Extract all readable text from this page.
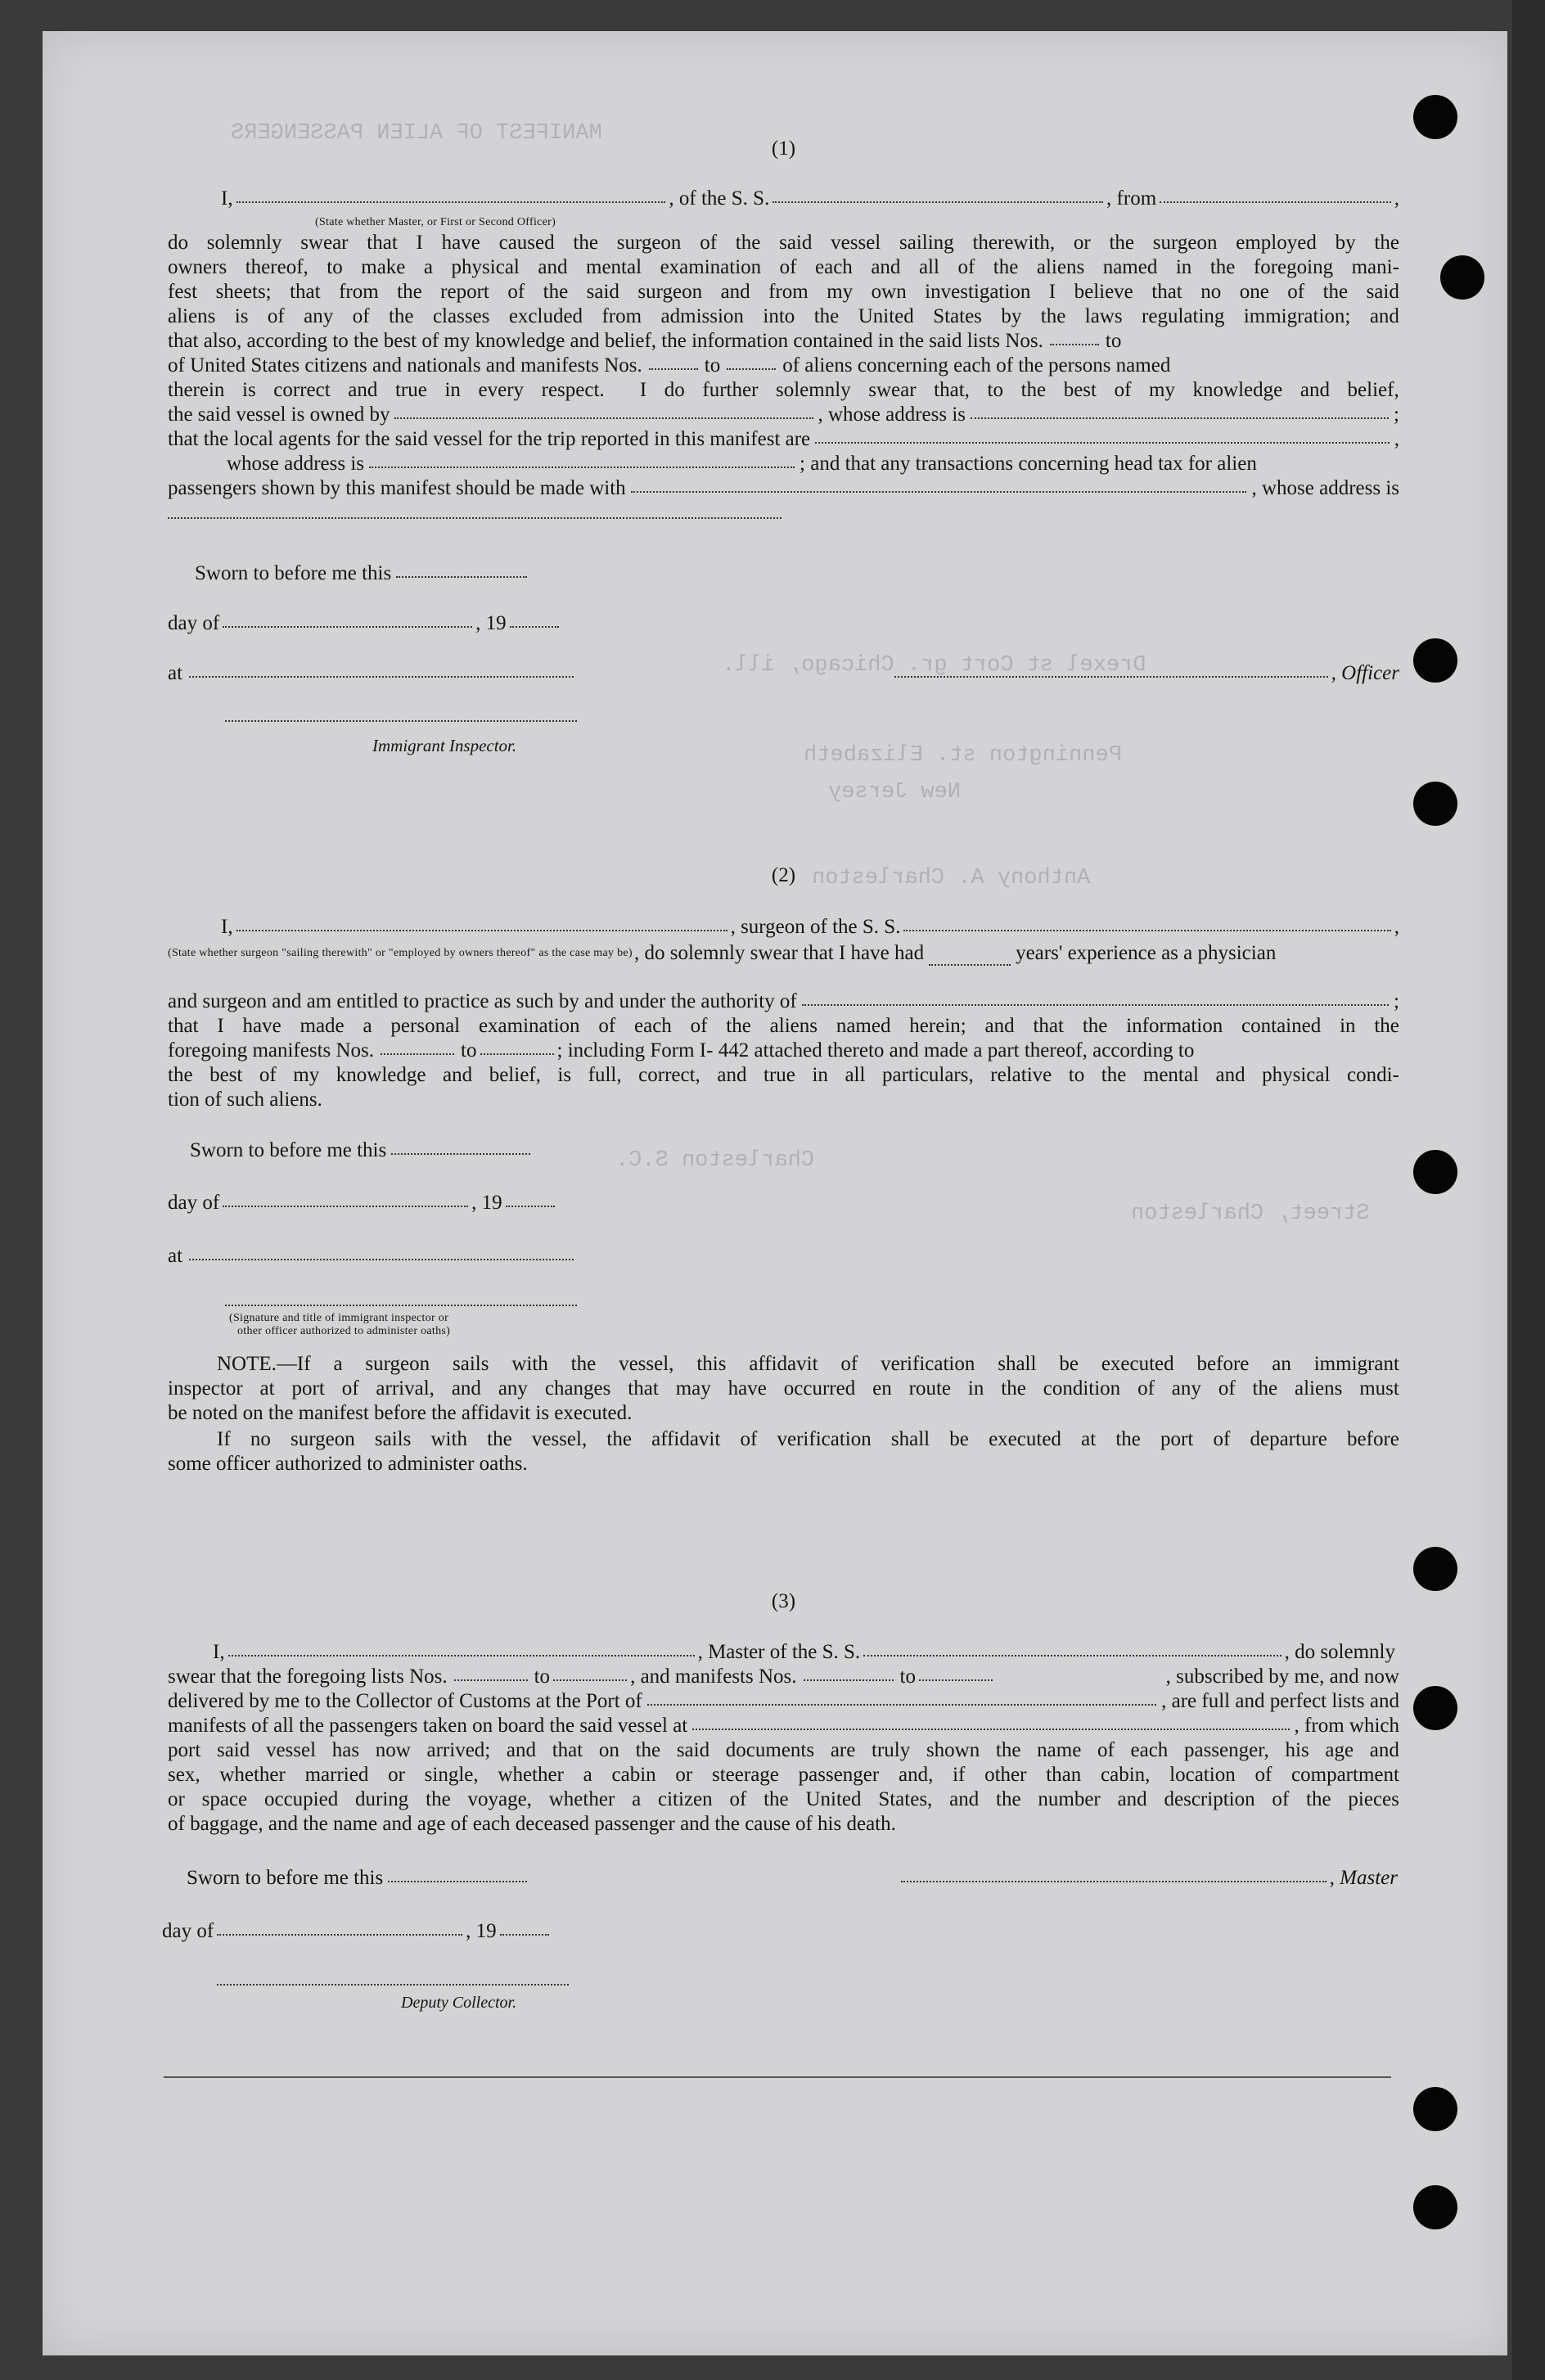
MANIFEST OF ALIEN PASSENGERS
Drexel st Cort gr. Chicago, ill.
Pennington st. Elizabeth
New Jersey
Anthony A. Charleston
Charleston S.C.
Street, Charleston
(1)
I,	, of the S. S.	, from	,
(State whether Master, or First or Second Officer)
do solemnly swear that I have caused the surgeon of the said vessel sailing therewith, or the surgeon employed by the
owners thereof, to make a physical and mental examination of each and all of the aliens named in the foregoing mani-
fest sheets; that from the report of the said surgeon and from my own investigation I believe that no one of the said
aliens is of any of the classes excluded from admission into the United States by the laws regulating immigration; and
that also, according to the best of my knowledge and belief, the information contained in the said lists Nos.	to
of United States citizens and nationals and manifests Nos.	to	of aliens concerning each of the persons named
therein is correct and true in every respect. I do further solemnly swear that, to the best of my knowledge and belief,
the said vessel is owned by	, whose address is	;
that the local agents for the said vessel for the trip reported in this manifest are	,
whose address is	; and that any transactions concerning head tax for alien
passengers shown by this manifest should be made with	, whose address is
Sworn to before me this
day of	, 19
at	, Officer
Immigrant Inspector.
(2)
I,	, surgeon of the S. S.	,
(State whether surgeon "sailing therewith" or "employed by owners thereof" as the case may be) , do solemnly swear that I have had	years' experience as a physician
and surgeon and am entitled to practice as such by and under the authority of	;
that I have made a personal examination of each of the aliens named herein; and that the information contained in the
foregoing manifests Nos.	to	; including Form I- 442 attached thereto and made a part thereof, according to
the best of my knowledge and belief, is full, correct, and true in all particulars, relative to the mental and physical condi-
tion of such aliens.
Sworn to before me this
day of	, 19
at
(Signature and title of immigrant inspector or
other officer authorized to administer oaths)
NOTE.—If a surgeon sails with the vessel, this affidavit of verification shall be executed before an immigrant
inspector at port of arrival, and any changes that may have occurred en route in the condition of any of the aliens must
be noted on the manifest before the affidavit is executed.
If no surgeon sails with the vessel, the affidavit of verification shall be executed at the port of departure before
some officer authorized to administer oaths.
(3)
I,	, Master of the S. S.	, do solemnly
swear that the foregoing lists Nos.	to	, and manifests Nos.	to	, subscribed by me, and now
delivered by me to the Collector of Customs at the Port of	, are full and perfect lists and
manifests of all the passengers taken on board the said vessel at	, from which
port said vessel has now arrived; and that on the said documents are truly shown the name of each passenger, his age and
sex, whether married or single, whether a cabin or steerage passenger and, if other than cabin, location of compartment
or space occupied during the voyage, whether a citizen of the United States, and the number and description of the pieces
of baggage, and the name and age of each deceased passenger and the cause of his death.
Sworn to before me this	, Master
day of	, 19
Deputy Collector.
